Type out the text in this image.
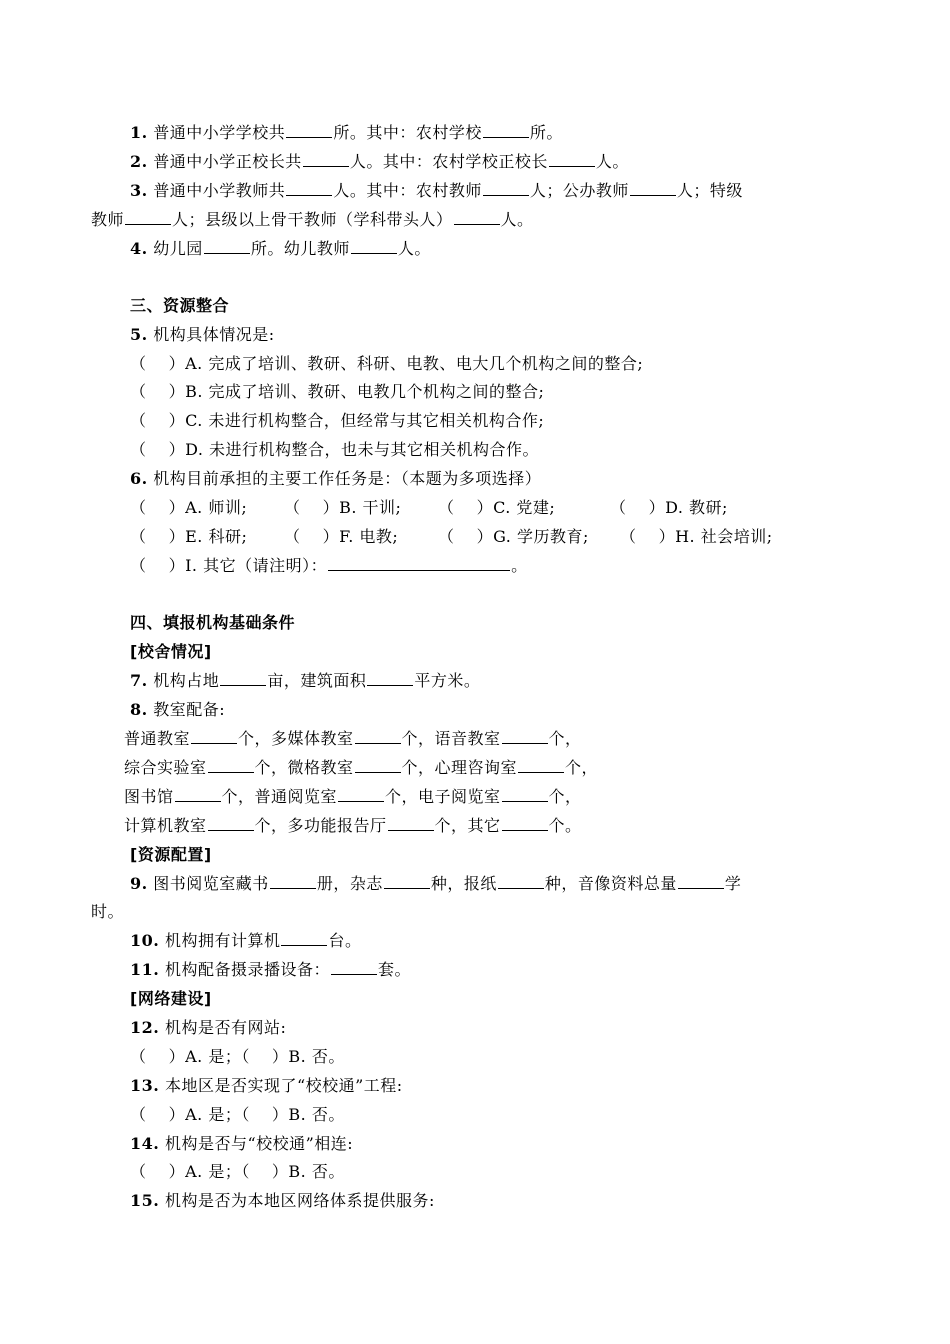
1. 普通中小学学校共	所。其中：农村学校	所。
2. 普通中小学正校长共	人。其中：农村学校正校长	人。
3. 普通中小学教师共	人。其中：农村教师	人；公办教师	人；特级
教师	人；县级以上骨干教师（学科带头人）	人。
4. 幼儿园	所。幼儿教师	人。
三、资源整合
5. 机构具体情况是:
（　 ）A. 完成了培训、教研、科研、电教、电大几个机构之间的整合;
（　 ）B. 完成了培训、教研、电教几个机构之间的整合;
（　 ）C. 未进行机构整合，但经常与其它相关机构合作;
（　 ）D. 未进行机构整合，也未与其它相关机构合作。
6. 机构目前承担的主要工作任务是：（本题为多项选择）
（　 ）A. 师训; （　 ）B. 干训; （　 ）C. 党建;	（　 ）D. 教研;
（　 ）E. 科研; （　 ）F. 电教; （　 ）G. 学历教育; （　 ）H. 社会培训;
（　 ）I. 其它（请注明）：	。
四、填报机构基础条件
[校舍情况]
7. 机构占地	亩，建筑面积	平方米。
8. 教室配备:
普通教室	个，多媒体教室	个，语音教室	个，
综合实验室	个，微格教室	个，心理咨询室	个，
图书馆	个，普通阅览室	个，电子阅览室	个，
计算机教室	个，多功能报告厅	个，其它	个。
[资源配置]
9. 图书阅览室藏书	册，杂志	种，报纸	种，音像资料总量	学
时。
10. 机构拥有计算机	台。
11. 机构配备摄录播设备：	套。
[网络建设]
12. 机构是否有网站:
（　 ）A. 是；（　 ）B. 否。
13. 本地区是否实现了“校校通”工程:
（　 ）A. 是；（　 ）B. 否。
14. 机构是否与“校校通”相连:
（　 ）A. 是；（　 ）B. 否。
15. 机构是否为本地区网络体系提供服务:
